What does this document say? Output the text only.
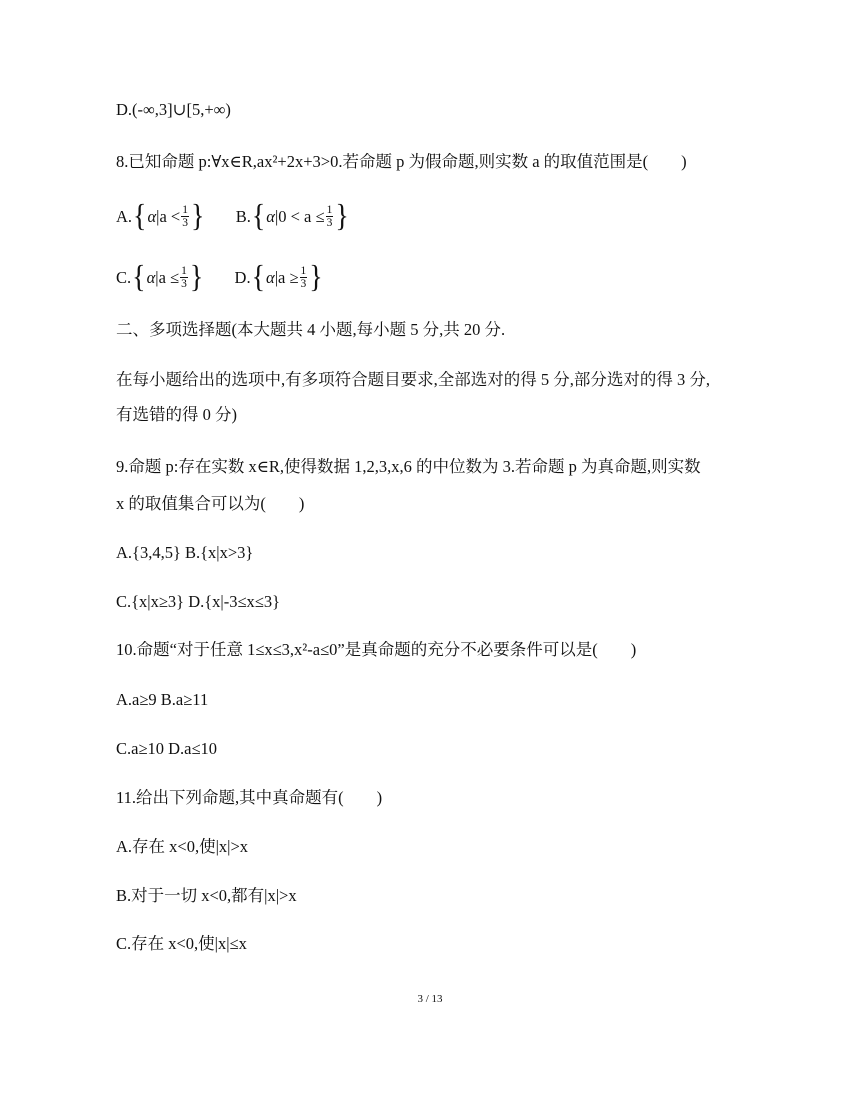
D.(-∞,3]∪[5,+∞)
8.已知命题 p:∀x∈R,ax²+2x+3>0.若命题 p 为假命题,则实数 a 的取值范围是(　　)
A. { α $|a < \frac{1}{3}$ }
B. { α $|0 < a \le \frac{1}{3}$ }
C. { α $|a \le \frac{1}{3}$ }
D. { α $|a \ge \frac{1}{3}$ }
二、多项选择题(本大题共 4 小题,每小题 5 分,共 20 分.
在每小题给出的选项中,有多项符合题目要求,全部选对的得 5 分,部分选对的得 3 分,
有选错的得 0 分)
9.命题 p:存在实数 x∈R,使得数据 1,2,3,x,6 的中位数为 3.若命题 p 为真命题,则实数
x 的取值集合可以为(　　)
A.{3,4,5} B.{x|x>3}
C.{x|x≥3} D.{x|-3≤x≤3}
10.命题“对于任意 1≤x≤3,x²-a≤0”是真命题的充分不必要条件可以是(　　)
A.a≥9 B.a≥11
C.a≥10 D.a≤10
11.给出下列命题,其中真命题有(　　)
A.存在 x<0,使|x|>x
B.对于一切 x<0,都有|x|>x
C.存在 x<0,使|x|≤x
3 / 13
